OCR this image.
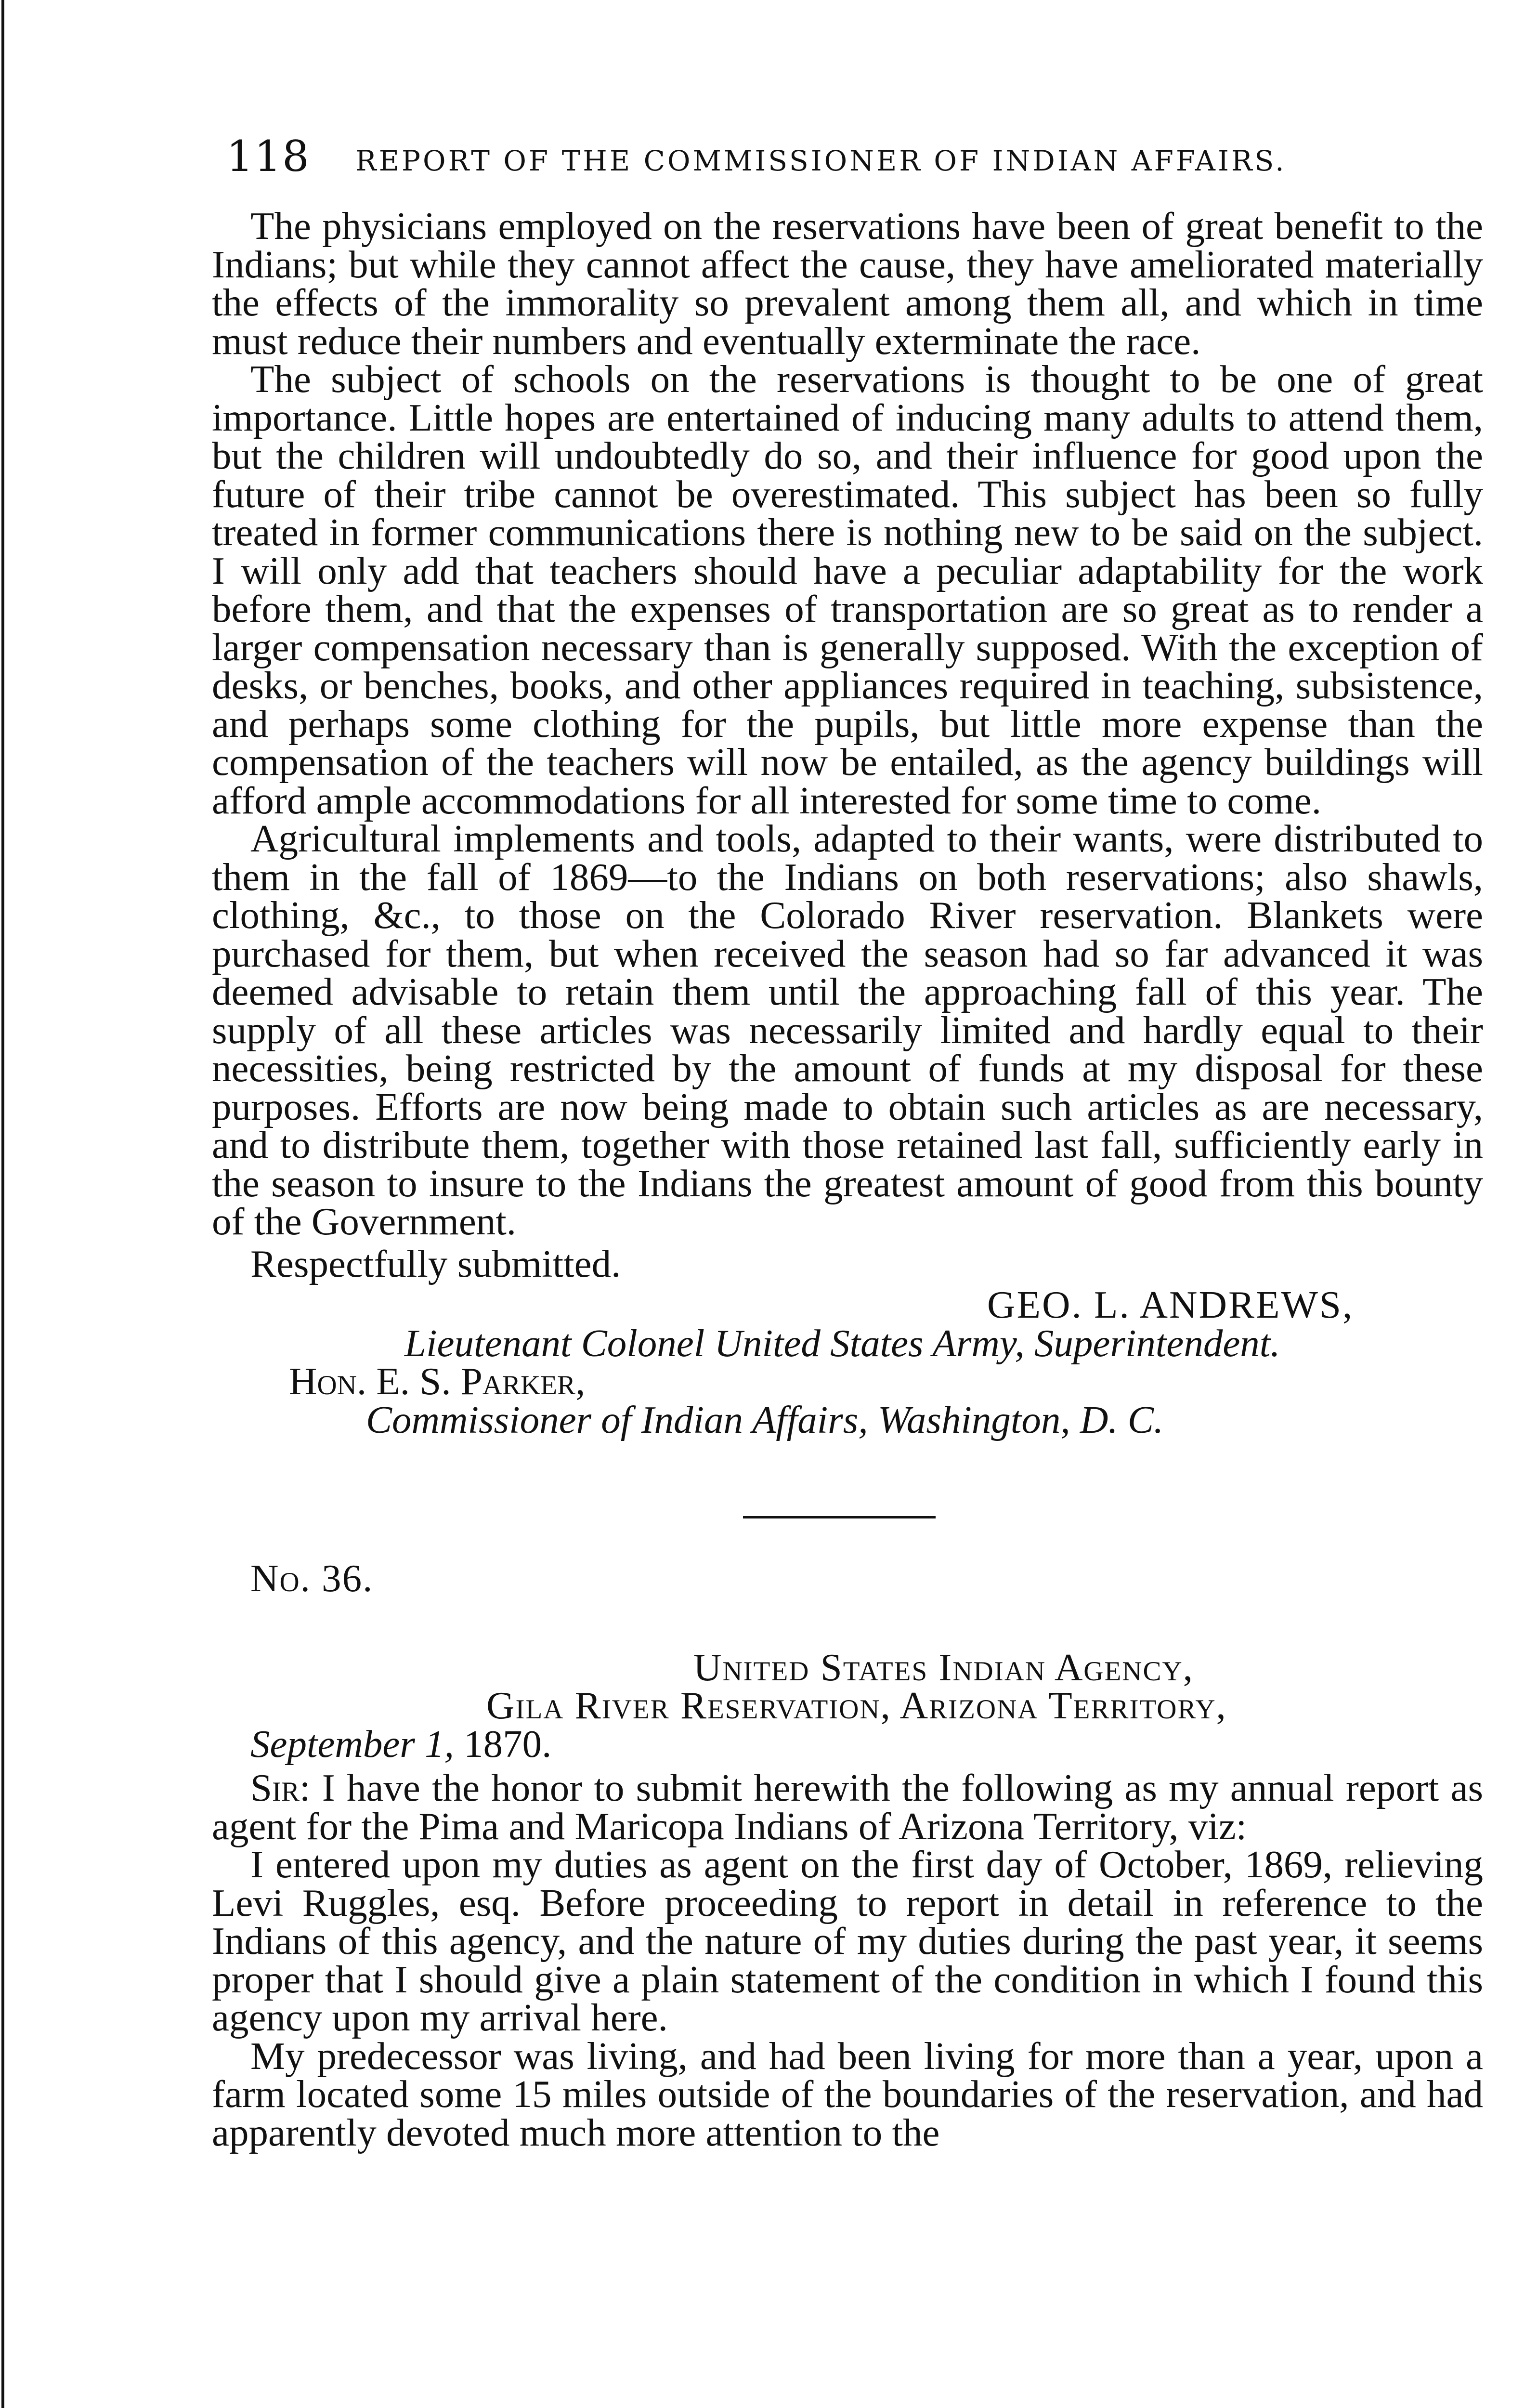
118 REPORT OF THE COMMISSIONER OF INDIAN AFFAIRS.

The physicians employed on the reservations have been of great benefit to the Indians; but while they cannot affect the cause, they have ameliorated materially the effects of the immorality so prevalent among them all, and which in time must reduce their numbers and eventually exterminate the race.

The subject of schools on the reservations is thought to be one of great importance. Little hopes are entertained of inducing many adults to attend them, but the children will undoubtedly do so, and their influence for good upon the future of their tribe cannot be overestimated. This subject has been so fully treated in former communications there is nothing new to be said on the subject. I will only add that teachers should have a peculiar adaptability for the work before them, and that the expenses of transportation are so great as to render a larger compensation necessary than is generally supposed. With the exception of desks, or benches, books, and other appliances required in teaching, subsistence, and perhaps some clothing for the pupils, but little more expense than the compensation of the teachers will now be entailed, as the agency buildings will afford ample accommodations for all interested for some time to come.

Agricultural implements and tools, adapted to their wants, were distributed to them in the fall of 1869—to the Indians on both reservations; also shawls, clothing, &c., to those on the Colorado River reservation. Blankets were purchased for them, but when received the season had so far advanced it was deemed advisable to retain them until the approaching fall of this year. The supply of all these articles was necessarily limited and hardly equal to their necessities, being restricted by the amount of funds at my disposal for these purposes. Efforts are now being made to obtain such articles as are necessary, and to distribute them, together with those retained last fall, sufficiently early in the season to insure to the Indians the greatest amount of good from this bounty of the Government.

Respectfully submitted.

GEO. L. ANDREWS,

Lieutenant Colonel United States Army, Superintendent.

Hon. E. S. Parker,

Commissioner of Indian Affairs, Washington, D. C.

No. 36.

United States Indian Agency,

Gila River Reservation, Arizona Territory,

September 1, 1870.

Sir: I have the honor to submit herewith the following as my annual report as agent for the Pima and Maricopa Indians of Arizona Territory, viz:

I entered upon my duties as agent on the first day of October, 1869, relieving Levi Ruggles, esq. Before proceeding to report in detail in reference to the Indians of this agency, and the nature of my duties during the past year, it seems proper that I should give a plain statement of the condition in which I found this agency upon my arrival here.

My predecessor was living, and had been living for more than a year, upon a farm located some 15 miles outside of the boundaries of the reservation, and had apparently devoted much more attention to the
